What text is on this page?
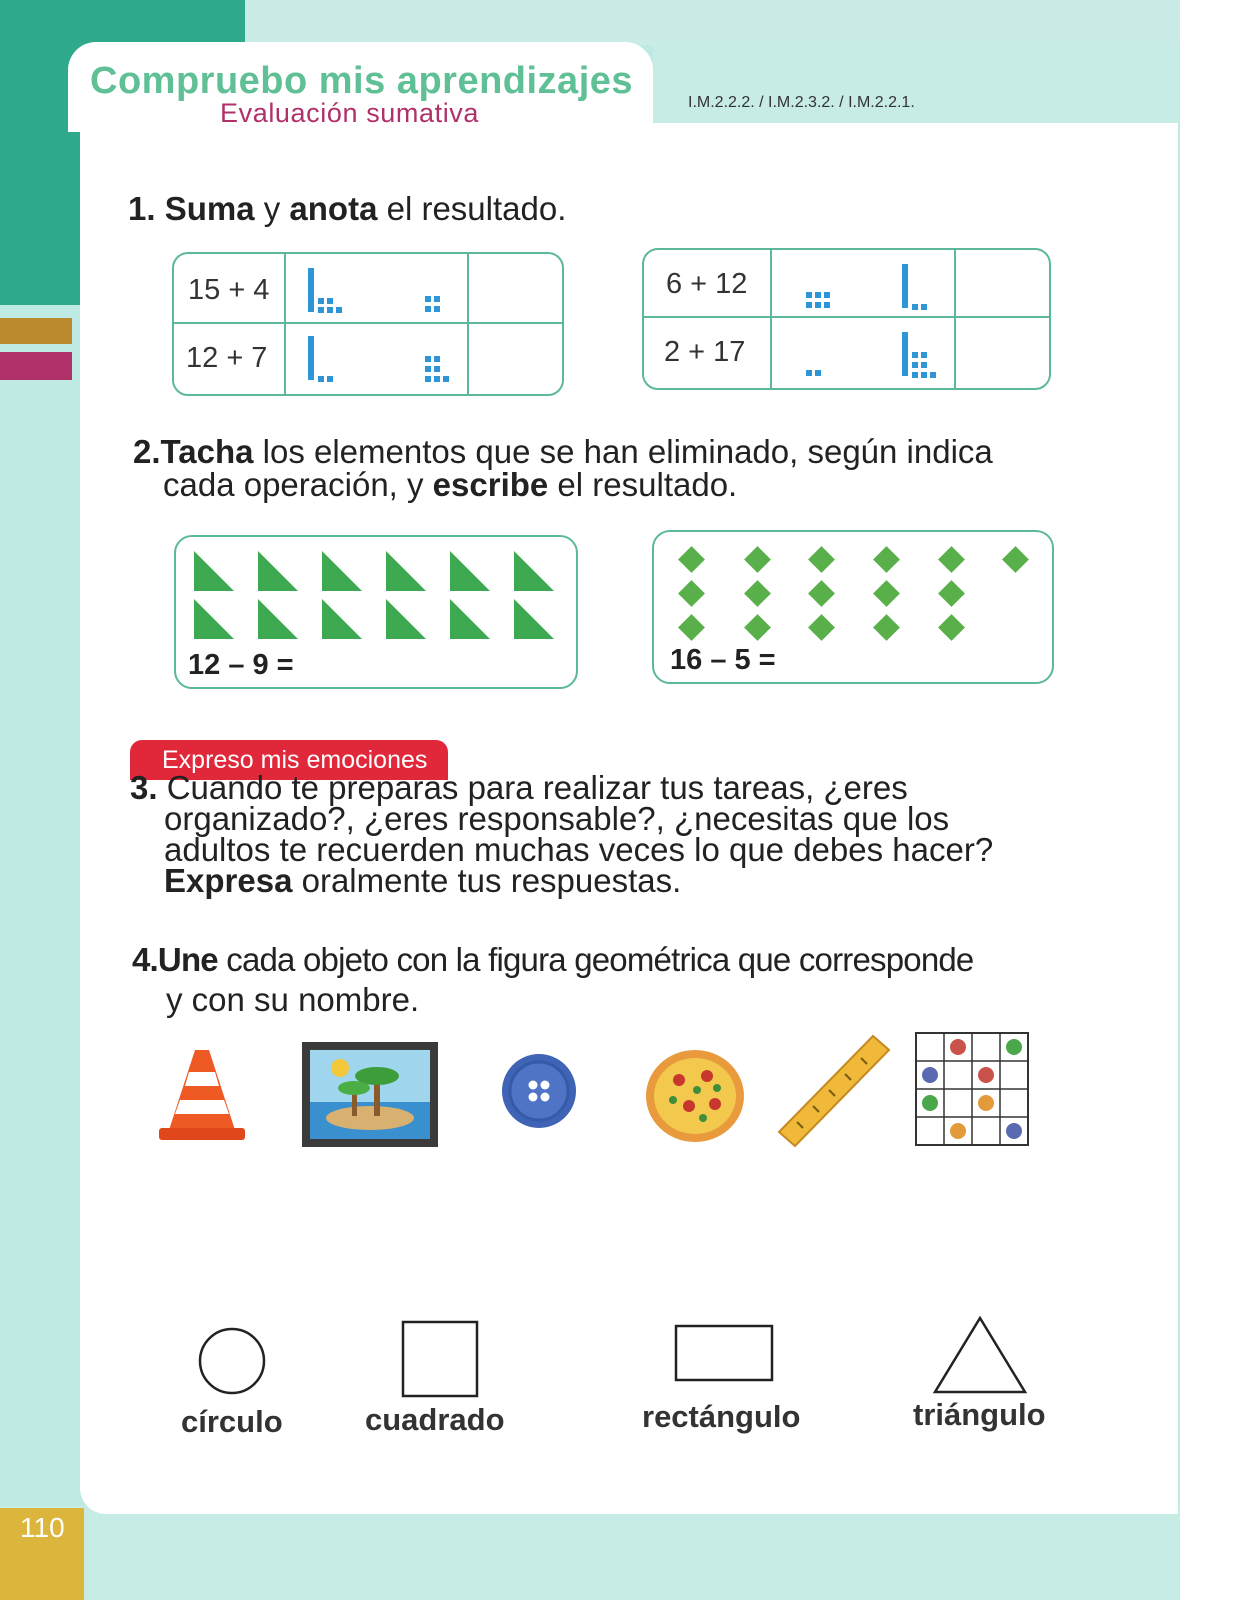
110
Compruebo mis aprendizajes
Evaluación sumativa	I.M.2.2.2. / I.M.2.3.2. / I.M.2.2.1.
1. Suma y anota el resultado.
15 + 4
12 + 7
6 + 12
2 + 17
2.Tacha los elementos que se han eliminado, según indica
cada operación, y escribe el resultado.
12 – 9 =	16 – 5 =
Expreso mis emociones
3. Cuando te preparas para realizar tus tareas, ¿eres
organizado?, ¿eres responsable?, ¿necesitas que los
adultos te recuerden muchas veces lo que debes hacer?
Expresa oralmente tus respuestas.
4.Une cada objeto con la figura geométrica que corresponde
y con su nombre.
círculo	cuadrado	rectángulo	triángulo
